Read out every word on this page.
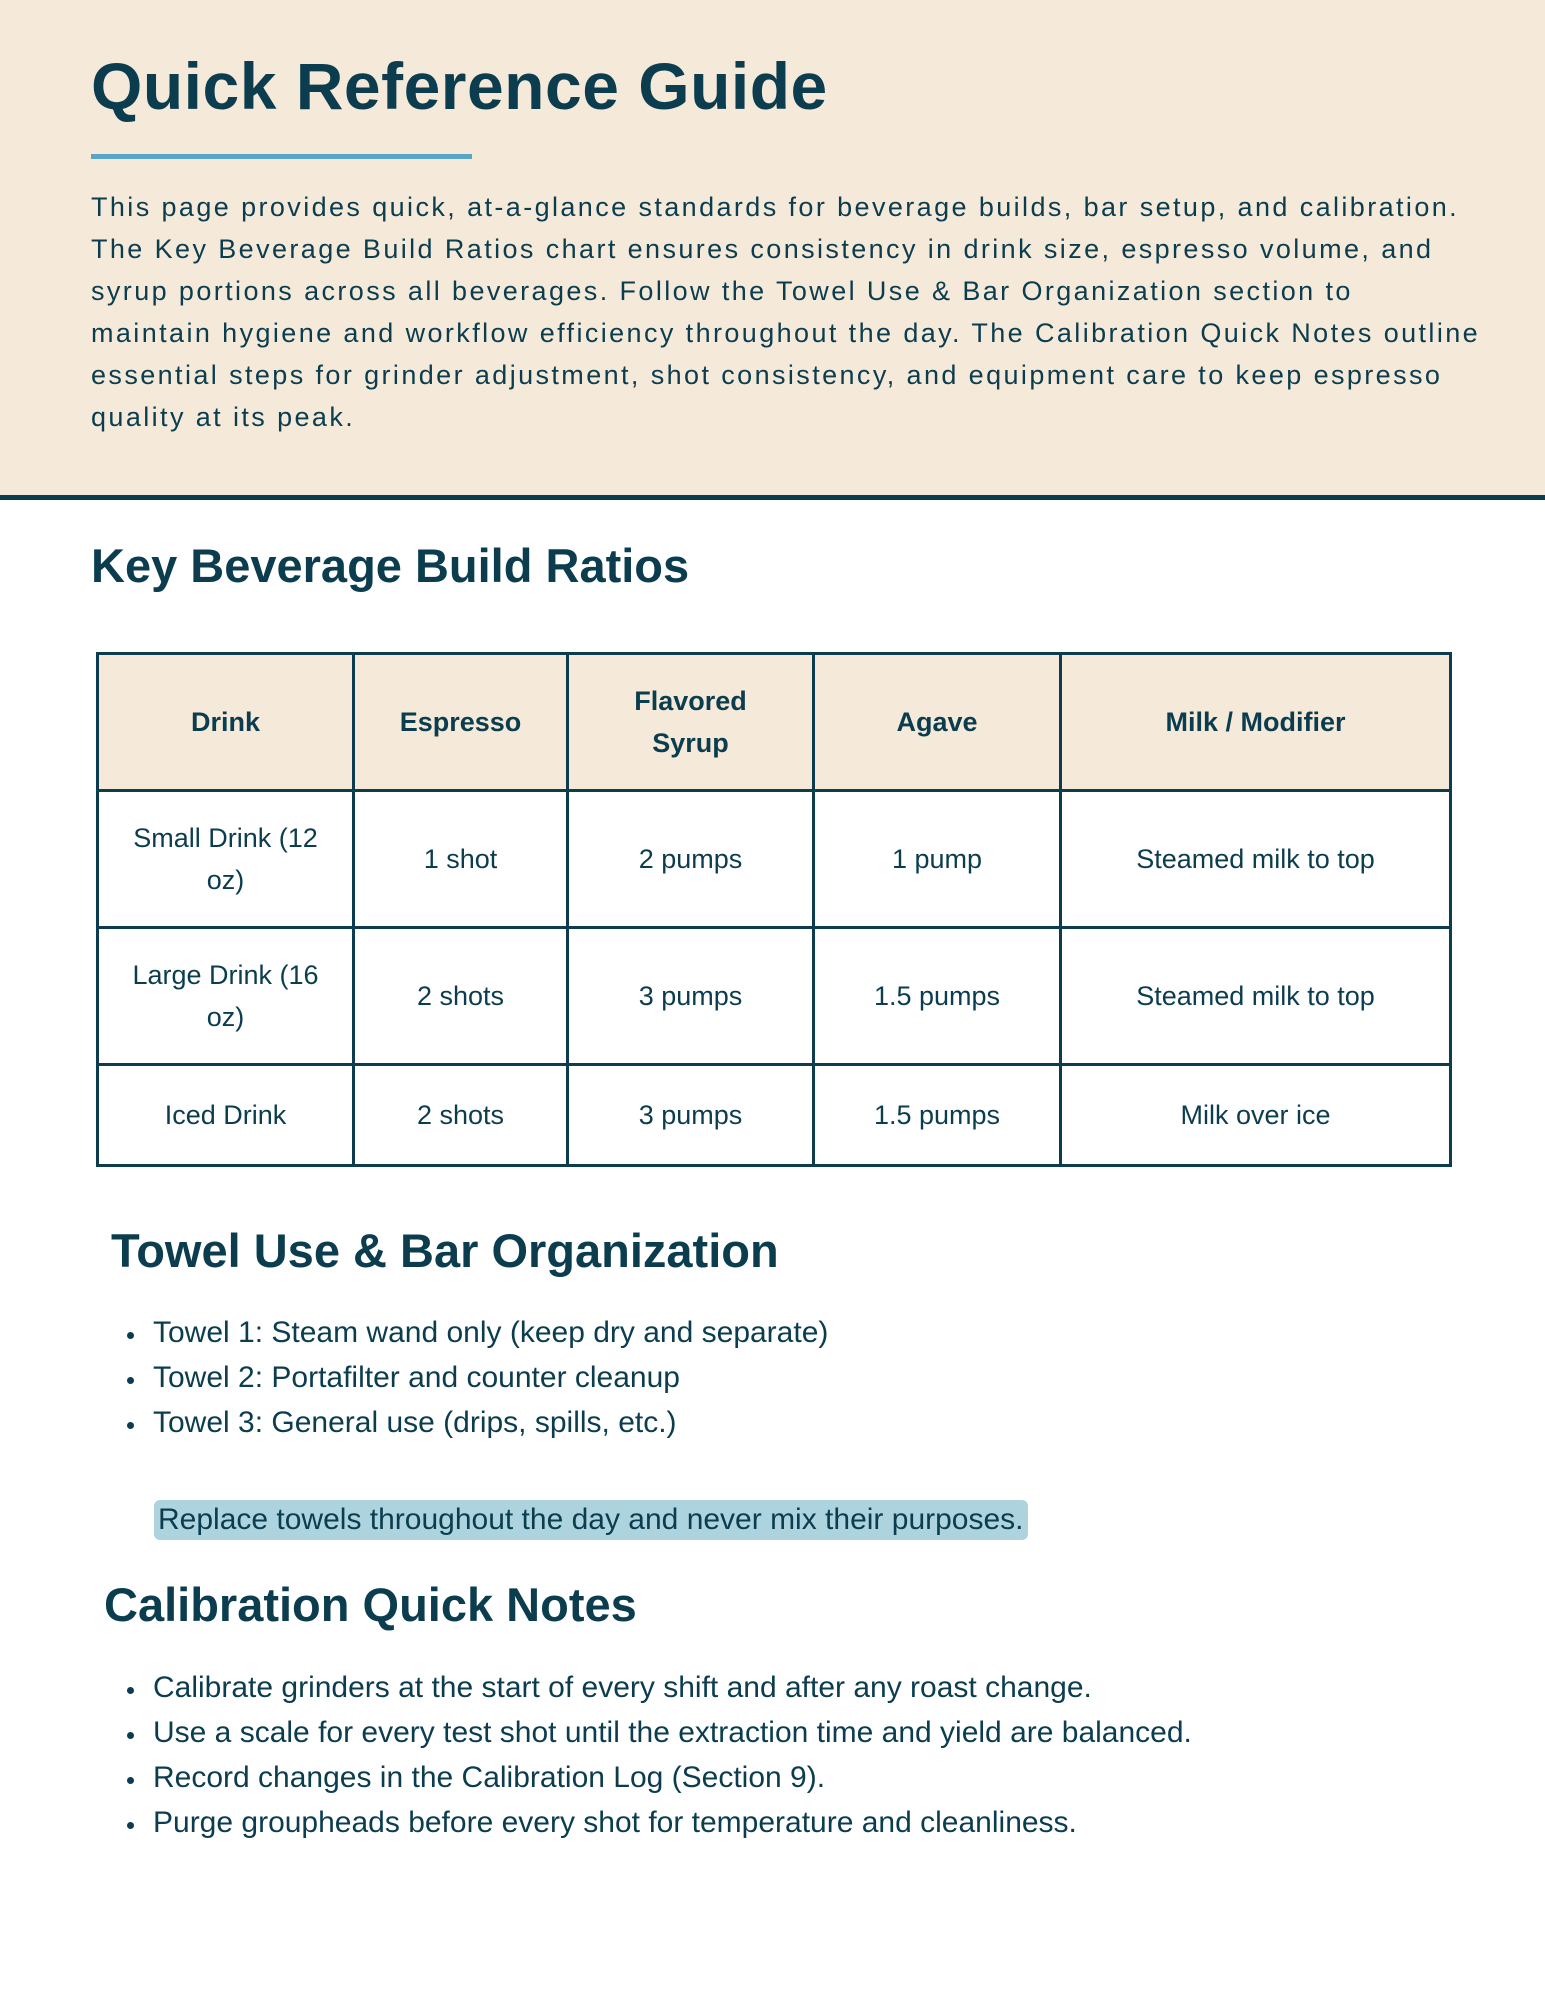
Quick Reference Guide

This page provides quick, at-a-glance standards for beverage builds, bar setup, and calibration. The Key Beverage Build Ratios chart ensures consistency in drink size, espresso volume, and syrup portions across all beverages. Follow the Towel Use & Bar Organization section to maintain hygiene and workflow efficiency throughout the day. The Calibration Quick Notes outline essential steps for grinder adjustment, shot consistency, and equipment care to keep espresso quality at its peak.

Key Beverage Build Ratios
Drink	Espresso	Flavored Syrup	Agave	Milk / Modifier
Small Drink (12 oz)	1 shot	2 pumps	1 pump	Steamed milk to top
Large Drink (16 oz)	2 shots	3 pumps	1.5 pumps	Steamed milk to top
Iced Drink	2 shots	3 pumps	1.5 pumps	Milk over ice
Towel Use & Bar Organization
• Towel 1: Steam wand only (keep dry and separate)
• Towel 2: Portafilter and counter cleanup
• Towel 3: General use (drips, spills, etc.)
Replace towels throughout the day and never mix their purposes.
Calibration Quick Notes
• Calibrate grinders at the start of every shift and after any roast change.
• Use a scale for every test shot until the extraction time and yield are balanced.
• Record changes in the Calibration Log (Section 9).
• Purge groupheads before every shot for temperature and cleanliness.
